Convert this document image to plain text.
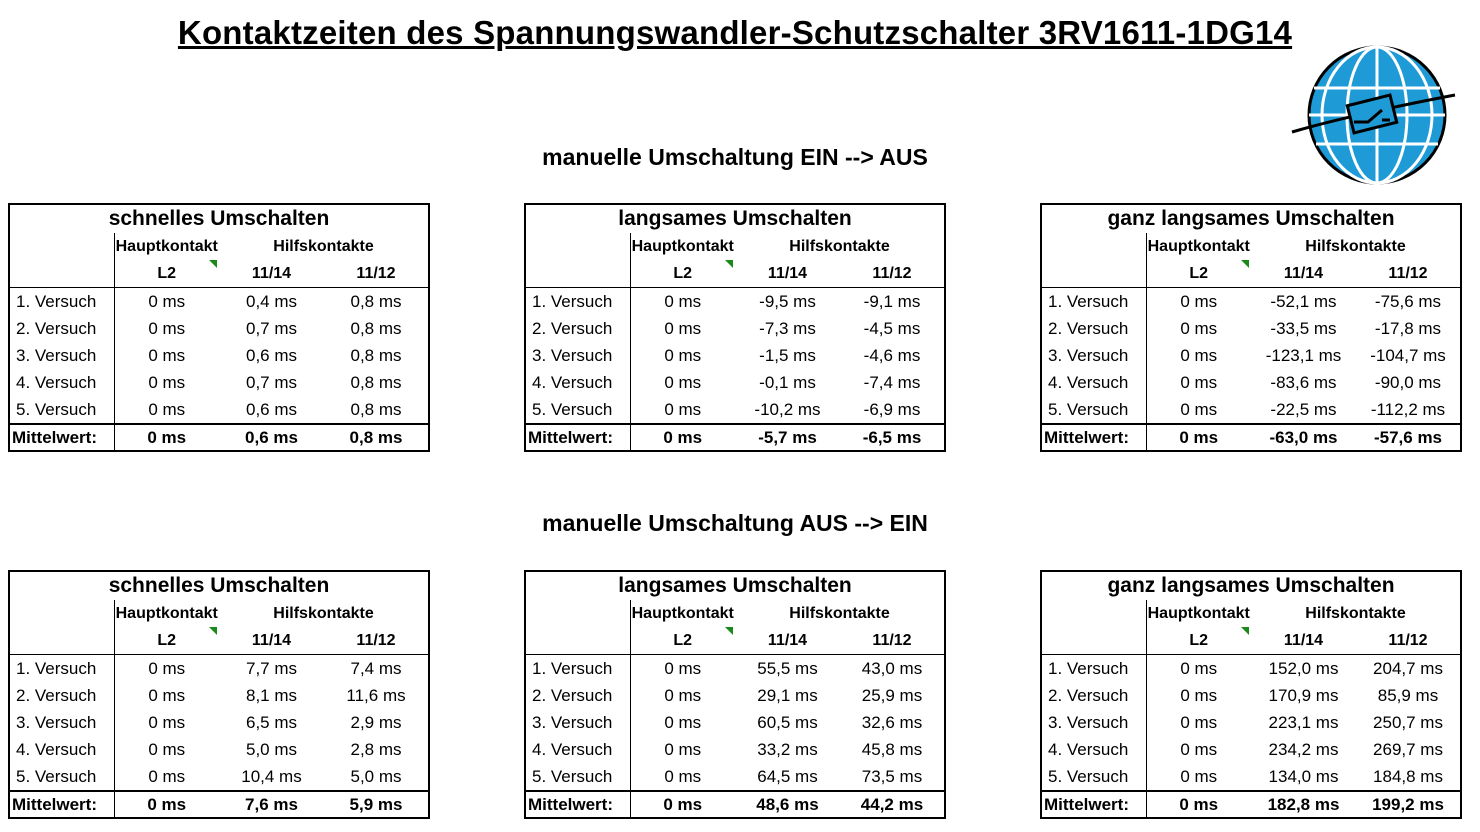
Kontaktzeiten des Spannungswandler-Schutzschalter 3RV1611-1DG14
manuelle Umschaltung EIN --> AUS
manuelle Umschaltung AUS --> EIN
schnelles Umschalten			
	Hauptkontakt	Hilfskontakte	
	L2	11/14	11/12
1. Versuch	0 ms	0,4 ms	0,8 ms
2. Versuch	0 ms	0,7 ms	0,8 ms
3. Versuch	0 ms	0,6 ms	0,8 ms
4. Versuch	0 ms	0,7 ms	0,8 ms
5. Versuch	0 ms	0,6 ms	0,8 ms
Mittelwert:	0 ms	0,6 ms	0,8 ms
langsames Umschalten			
	Hauptkontakt	Hilfskontakte	
	L2	11/14	11/12
1. Versuch	0 ms	-9,5 ms	-9,1 ms
2. Versuch	0 ms	-7,3 ms	-4,5 ms
3. Versuch	0 ms	-1,5 ms	-4,6 ms
4. Versuch	0 ms	-0,1 ms	-7,4 ms
5. Versuch	0 ms	-10,2 ms	-6,9 ms
Mittelwert:	0 ms	-5,7 ms	-6,5 ms
ganz langsames Umschalten			
	Hauptkontakt	Hilfskontakte	
	L2	11/14	11/12
1. Versuch	0 ms	-52,1 ms	-75,6 ms
2. Versuch	0 ms	-33,5 ms	-17,8 ms
3. Versuch	0 ms	-123,1 ms	-104,7 ms
4. Versuch	0 ms	-83,6 ms	-90,0 ms
5. Versuch	0 ms	-22,5 ms	-112,2 ms
Mittelwert:	0 ms	-63,0 ms	-57,6 ms
schnelles Umschalten			
	Hauptkontakt	Hilfskontakte	
	L2	11/14	11/12
1. Versuch	0 ms	7,7 ms	7,4 ms
2. Versuch	0 ms	8,1 ms	11,6 ms
3. Versuch	0 ms	6,5 ms	2,9 ms
4. Versuch	0 ms	5,0 ms	2,8 ms
5. Versuch	0 ms	10,4 ms	5,0 ms
Mittelwert:	0 ms	7,6 ms	5,9 ms
langsames Umschalten			
	Hauptkontakt	Hilfskontakte	
	L2	11/14	11/12
1. Versuch	0 ms	55,5 ms	43,0 ms
2. Versuch	0 ms	29,1 ms	25,9 ms
3. Versuch	0 ms	60,5 ms	32,6 ms
4. Versuch	0 ms	33,2 ms	45,8 ms
5. Versuch	0 ms	64,5 ms	73,5 ms
Mittelwert:	0 ms	48,6 ms	44,2 ms
ganz langsames Umschalten			
	Hauptkontakt	Hilfskontakte	
	L2	11/14	11/12
1. Versuch	0 ms	152,0 ms	204,7 ms
2. Versuch	0 ms	170,9 ms	85,9 ms
3. Versuch	0 ms	223,1 ms	250,7 ms
4. Versuch	0 ms	234,2 ms	269,7 ms
5. Versuch	0 ms	134,0 ms	184,8 ms
Mittelwert:	0 ms	182,8 ms	199,2 ms
